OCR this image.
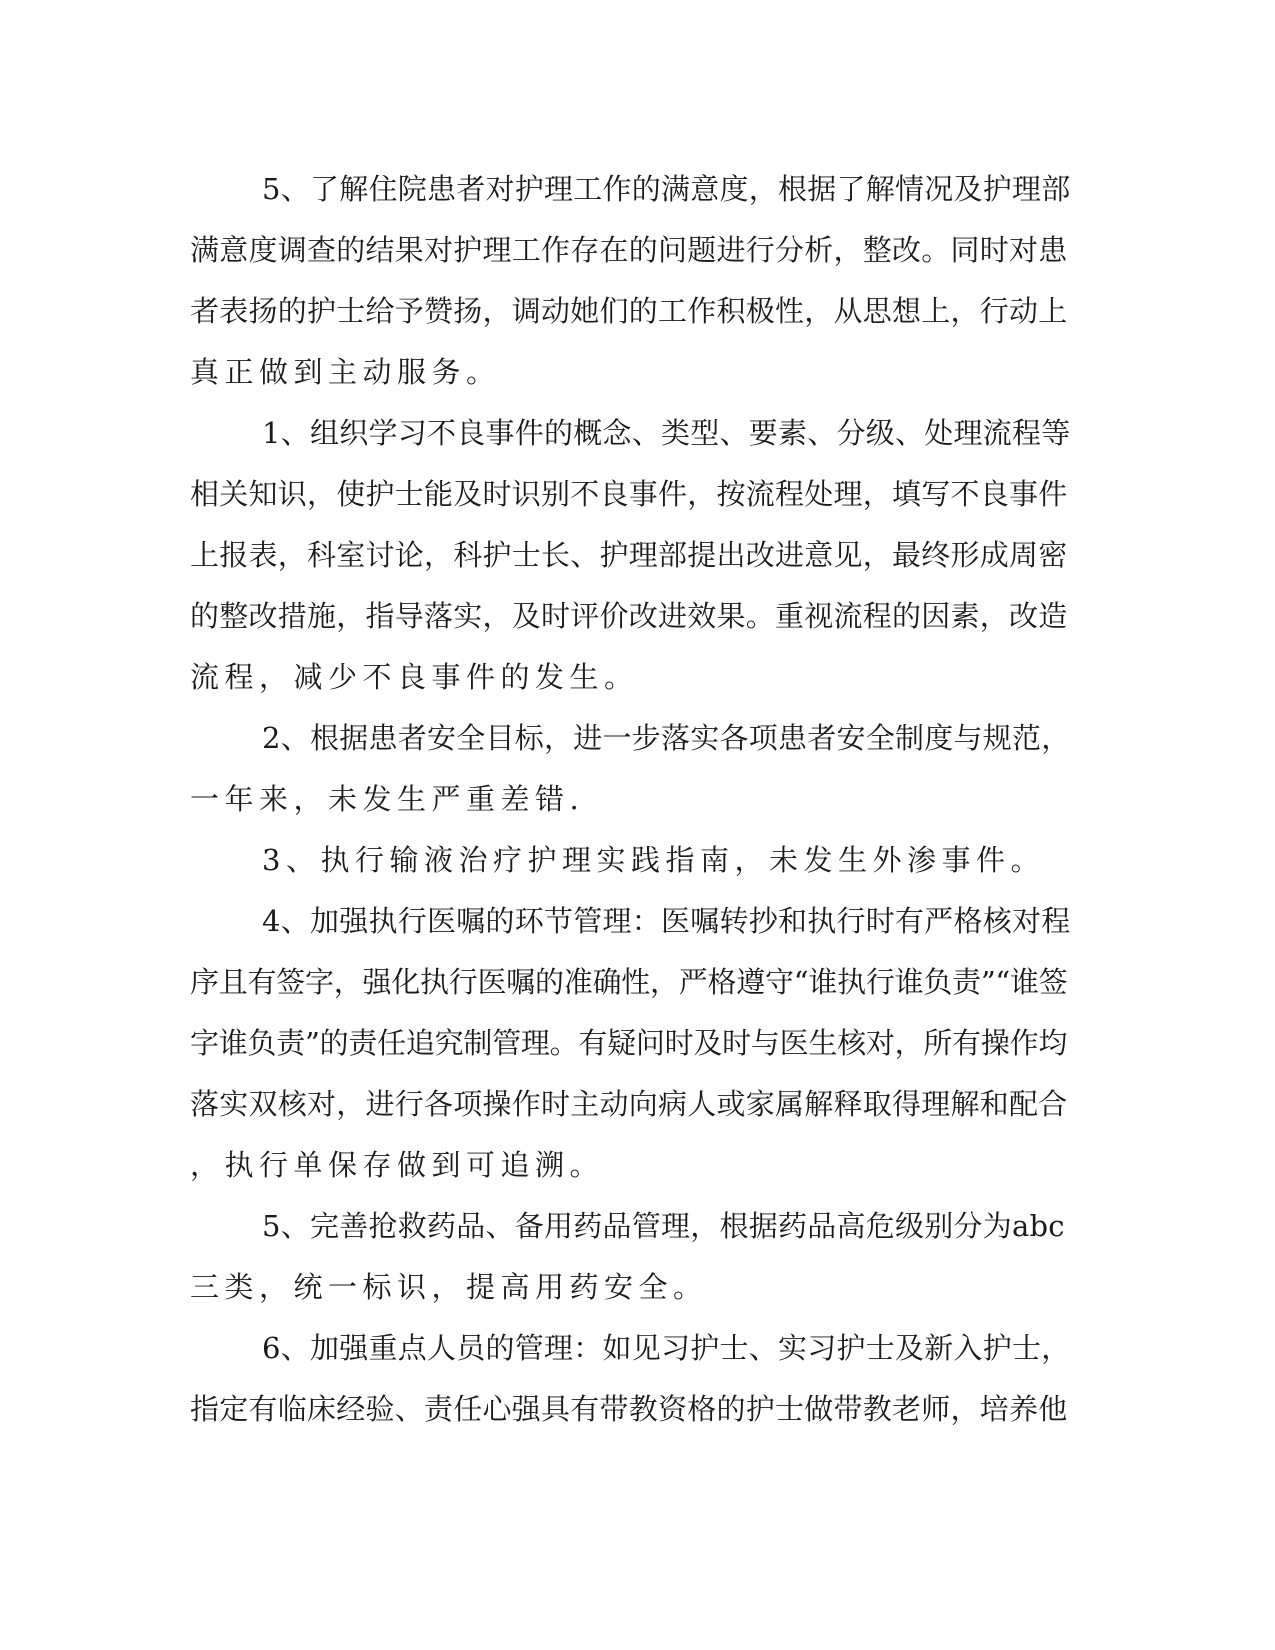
5、了解住院患者对护理工作的满意度，根据了解情况及护理部
满意度调查的结果对护理工作存在的问题进行分析，整改。同时对患
者表扬的护士给予赞扬，调动她们的工作积极性，从思想上，行动上
真正做到主动服务。
1、组织学习不良事件的概念、类型、要素、分级、处理流程等
相关知识，使护士能及时识别不良事件，按流程处理，填写不良事件
上报表，科室讨论，科护士长、护理部提出改进意见，最终形成周密
的整改措施，指导落实，及时评价改进效果。重视流程的因素，改造
流程，减少不良事件的发生。
2、根据患者安全目标，进一步落实各项患者安全制度与规范，
一年来，未发生严重差错.
3、执行输液治疗护理实践指南，未发生外渗事件。
4、加强执行医嘱的环节管理：医嘱转抄和执行时有严格核对程
序且有签字，强化执行医嘱的准确性，严格遵守“谁执行谁负责”“谁签
字谁负责”的责任追究制管理。有疑问时及时与医生核对，所有操作均
落实双核对，进行各项操作时主动向病人或家属解释取得理解和配合
，执行单保存做到可追溯。
5、完善抢救药品、备用药品管理，根据药品高危级别分为abc
三类，统一标识，提高用药安全。
6、加强重点人员的管理：如见习护士、实习护士及新入护士，
指定有临床经验、责任心强具有带教资格的护士做带教老师，培养他
